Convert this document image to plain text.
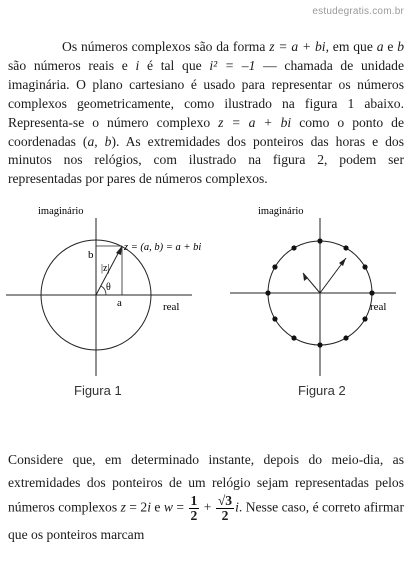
estudegratis.com.br

Os números complexos são da forma z = a + bi, em que a e b são números reais e i é tal que i² = –1 — chamada de unidade imaginária. O plano cartesiano é usado para representar os números complexos geometricamente, como ilustrado na figura 1 abaixo. Representa-se o número complexo z = a + bi como o ponto de coordenadas (a, b). As extremidades dos ponteiros das horas e dos minutos nos relógios, com ilustrado na figura 2, podem ser representadas por pares de números complexos.

imaginário
real
z = (a, b) = a + bi
b
a
|z|
θ
imaginário
real
Figura 1	Figura 2

Considere que, em determinado instante, depois do meio-dia, as extremidades dos ponteiros de um relógio sejam representadas pelos números complexos z = 2i e $w = \frac{1}{2} + \frac{√3}{2} i$. Nesse caso, é correto afirmar que os ponteiros marcam
